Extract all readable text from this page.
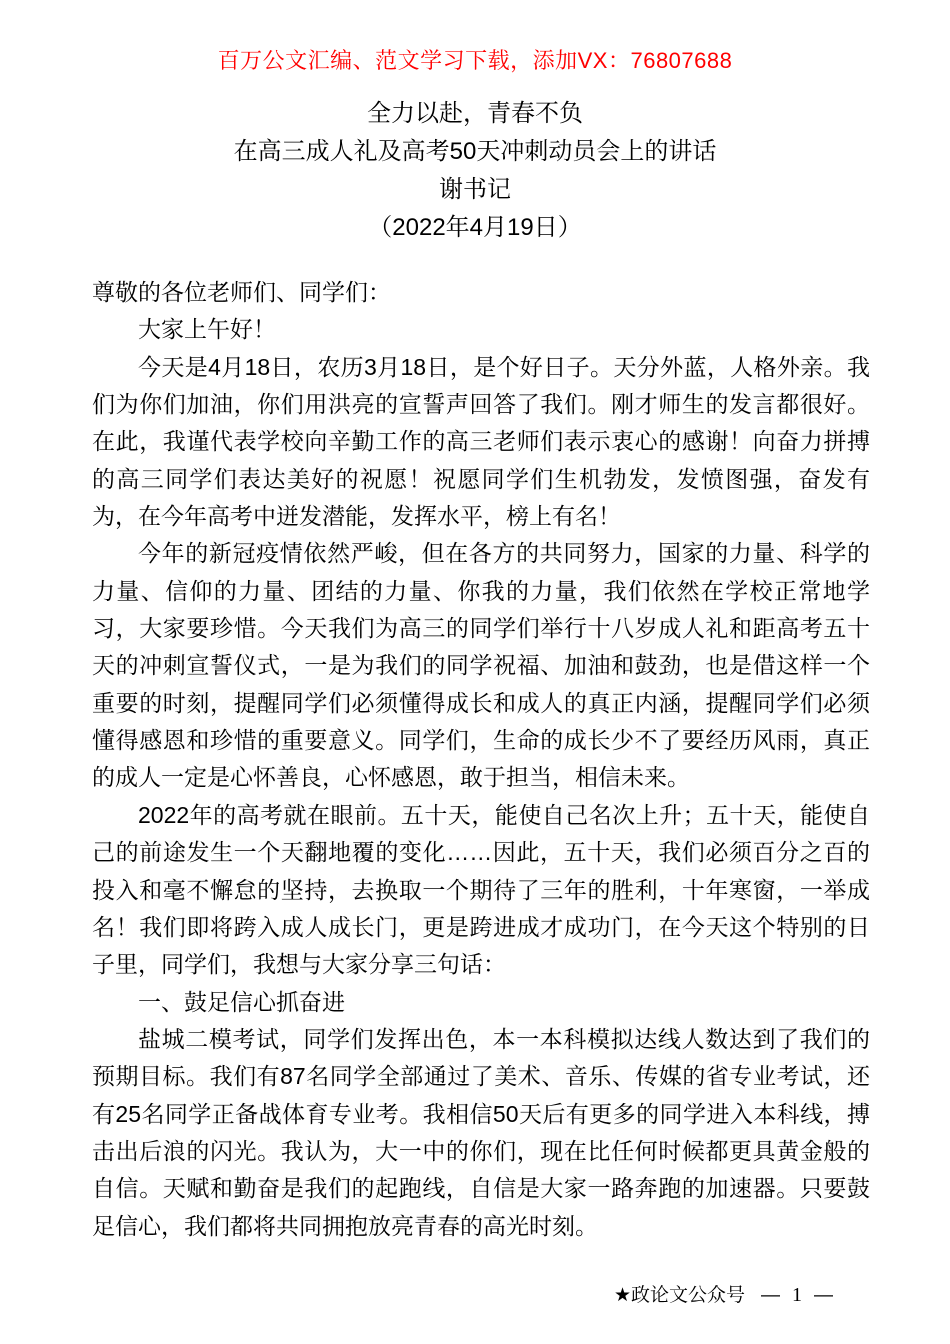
百万公文汇编、范文学习下载，添加VX：76807688
全力以赴，青春不负
在高三成人礼及高考50天冲刺动员会上的讲话
谢书记
（2022年4月19日）

尊敬的各位老师们、同学们：

大家上午好！

今天是4月18日，农历3月18日，是个好日子。天分外蓝，人格外亲。我们为你们加油，你们用洪亮的宣誓声回答了我们。刚才师生的发言都很好。在此，我谨代表学校向辛勤工作的高三老师们表示衷心的感谢！向奋力拼搏的高三同学们表达美好的祝愿！祝愿同学们生机勃发，发愤图强，奋发有为，在今年高考中迸发潜能，发挥水平，榜上有名！

今年的新冠疫情依然严峻，但在各方的共同努力，国家的力量、科学的力量、信仰的力量、团结的力量、你我的力量，我们依然在学校正常地学习，大家要珍惜。今天我们为高三的同学们举行十八岁成人礼和距高考五十天的冲刺宣誓仪式，一是为我们的同学祝福、加油和鼓劲，也是借这样一个重要的时刻，提醒同学们必须懂得成长和成人的真正内涵，提醒同学们必须懂得感恩和珍惜的重要意义。同学们，生命的成长少不了要经历风雨，真正的成人一定是心怀善良，心怀感恩，敢于担当，相信未来。

2022年的高考就在眼前。五十天，能使自己名次上升；五十天，能使自己的前途发生一个天翻地覆的变化……因此，五十天，我们必须百分之百的投入和毫不懈怠的坚持，去换取一个期待了三年的胜利，十年寒窗，一举成名！我们即将跨入成人成长门，更是跨进成才成功门，在今天这个特别的日子里，同学们，我想与大家分享三句话：

一、鼓足信心抓奋进

盐城二模考试，同学们发挥出色，本一本科模拟达线人数达到了我们的预期目标。我们有87名同学全部通过了美术、音乐、传媒的省专业考试，还有25名同学正备战体育专业考。我相信50天后有更多的同学进入本科线，搏击出后浪的闪光。我认为，大一中的你们，现在比任何时候都更具黄金般的自信。天赋和勤奋是我们的起跑线，自信是大家一路奔跑的加速器。只要鼓足信心，我们都将共同拥抱放亮青春的高光时刻。

★政论文公众号 — 1 —
